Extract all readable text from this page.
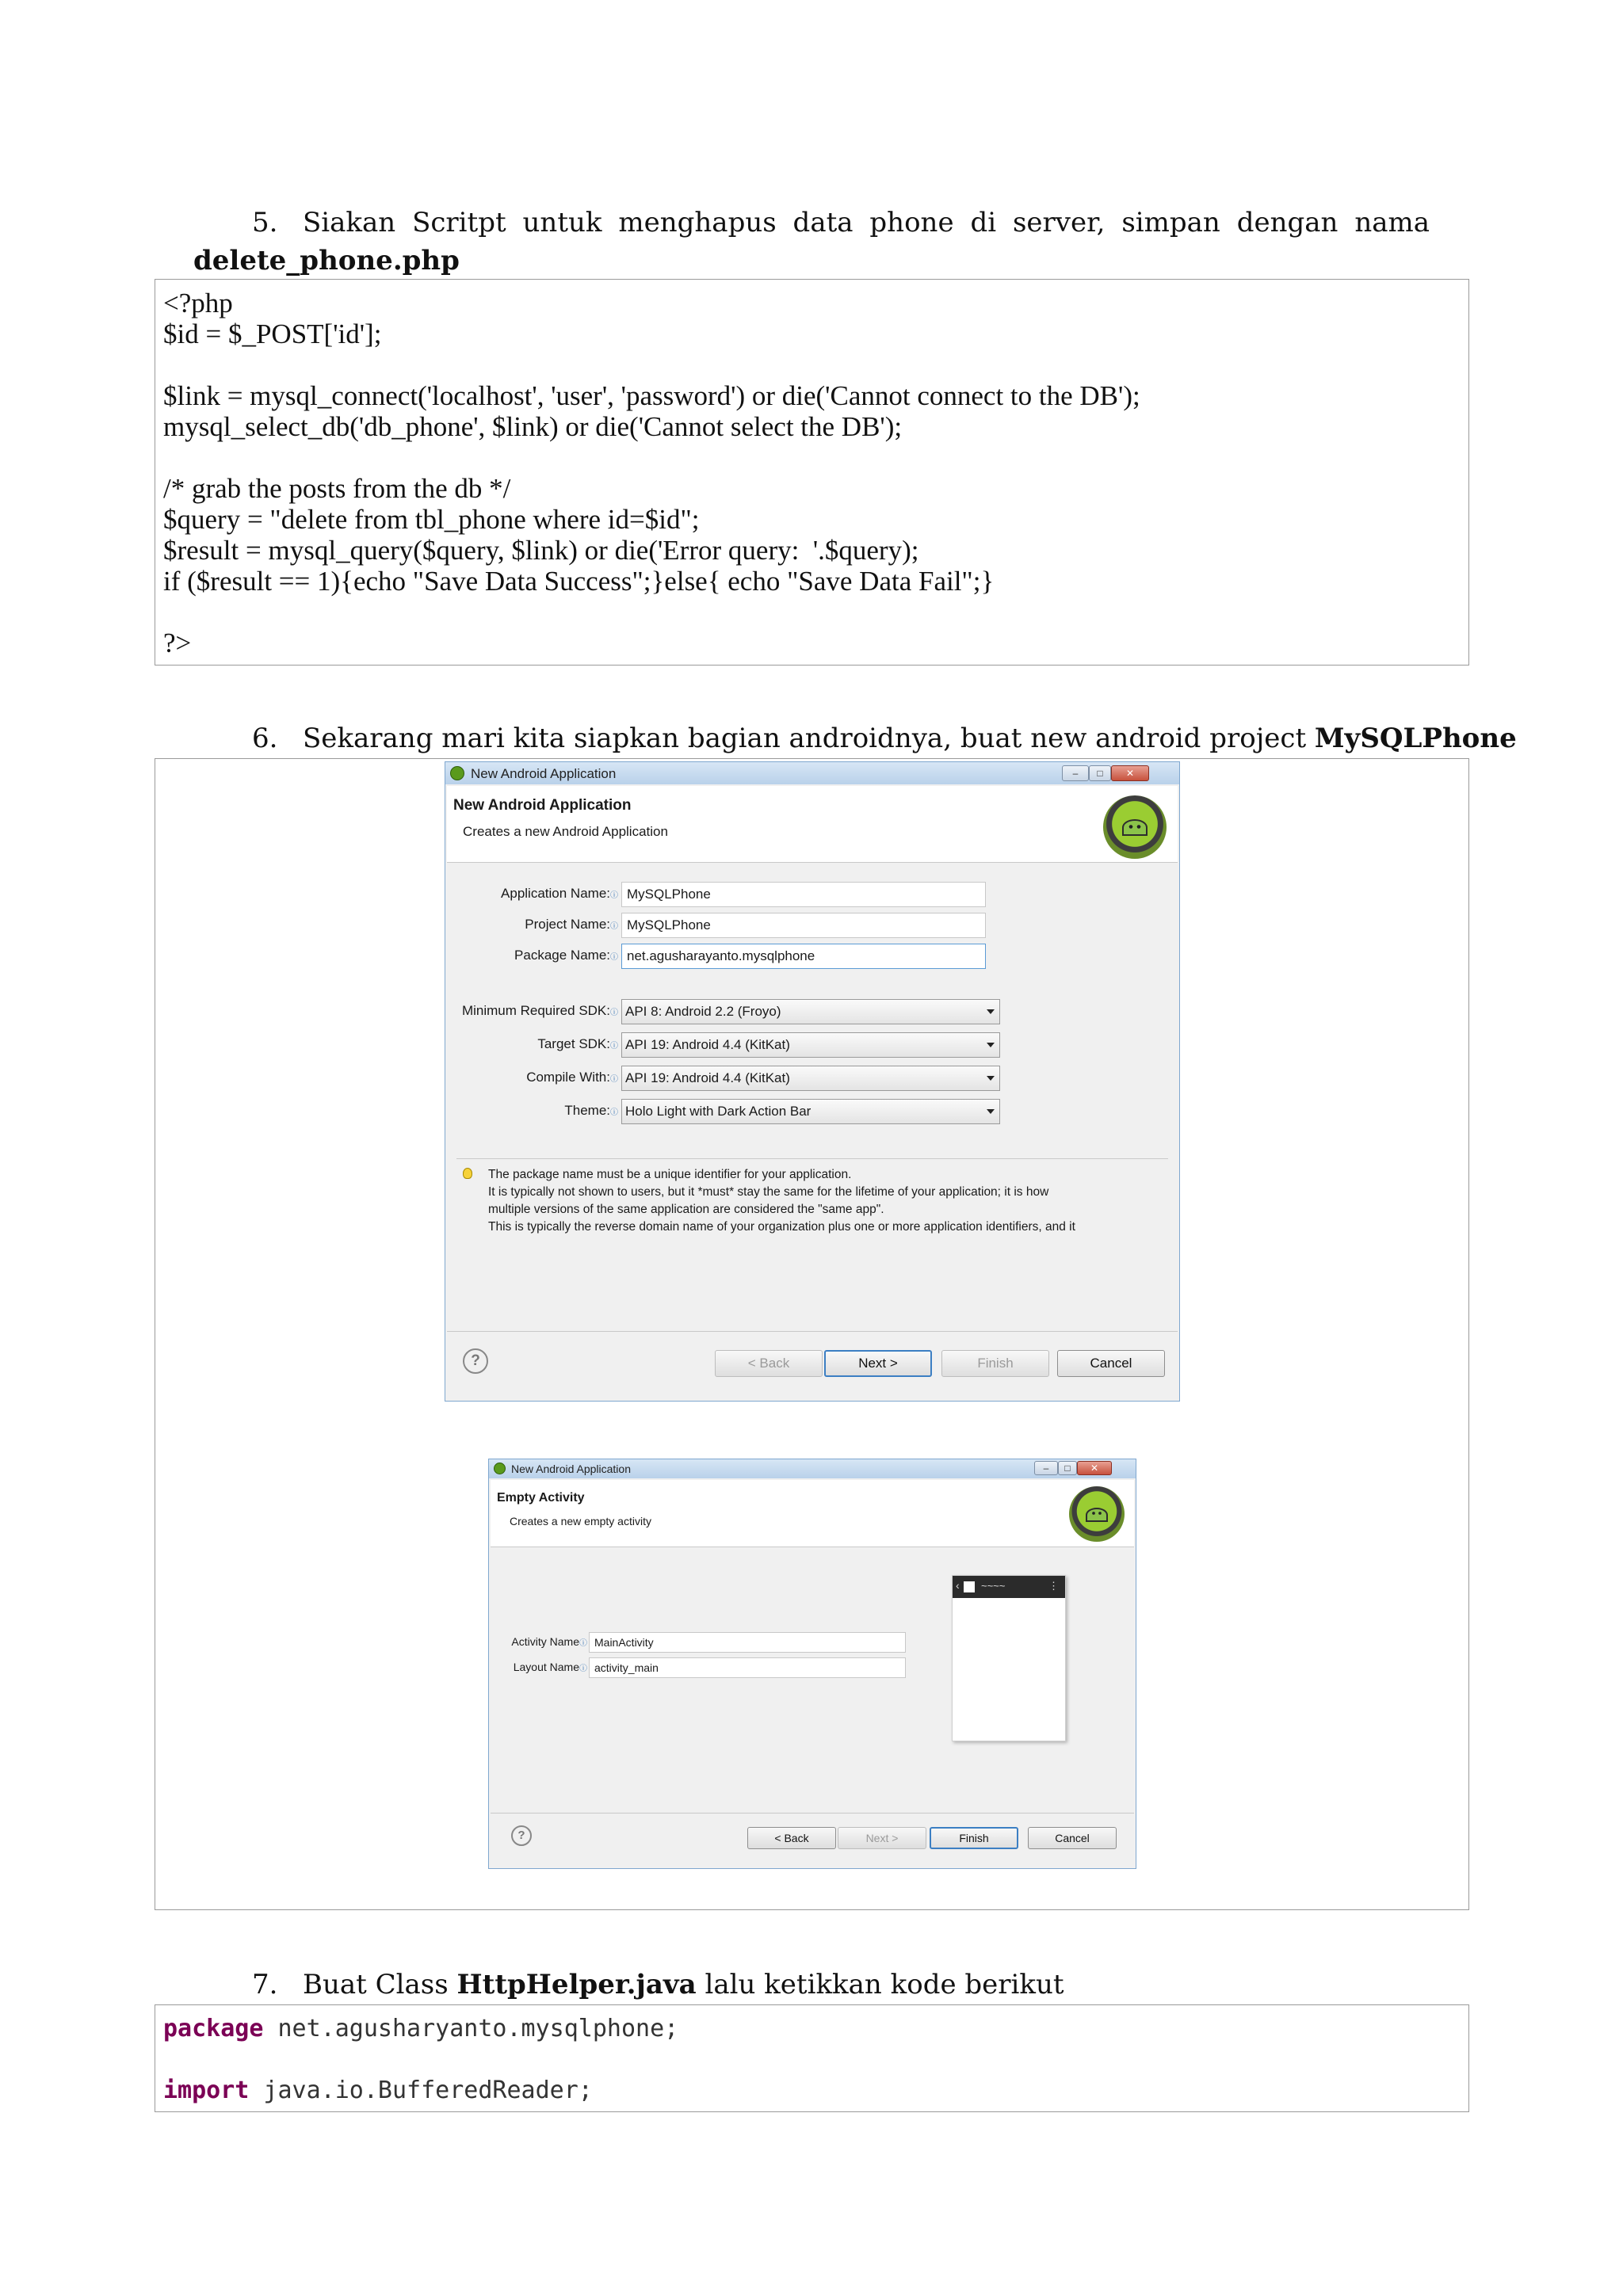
5. Siakan Scritpt untuk menghapus data phone di server, simpan dengan nama
delete_phone.php
<?php
$id = $_POST['id'];

$link = mysql_connect('localhost', 'user', 'password') or die('Cannot connect to the DB');
mysql_select_db('db_phone', $link) or die('Cannot select the DB');

/* grab the posts from the db */
$query = "delete from tbl_phone where id=$id";
$result = mysql_query($query, $link) or die('Error query:  '.$query);
if ($result == 1){echo "Save Data Success";}else{ echo "Save Data Fail";}

?>
6. Sekarang mari kita siapkan bagian androidnya, buat new android project MySQLPhone
New Android Application	–	□	✕
New Android Application
Creates a new Android Application
Application Name:ⓘ MySQLPhone
Project Name:ⓘ MySQLPhone
Package Name:ⓘ net.agusharayanto.mysqlphone
Minimum Required SDK:ⓘ API 8: Android 2.2 (Froyo)
Target SDK:ⓘ API 19: Android 4.4 (KitKat)
Compile With:ⓘ API 19: Android 4.4 (KitKat)
Theme:ⓘ Holo Light with Dark Action Bar
The package name must be a unique identifier for your application.
It is typically not shown to users, but it *must* stay the same for the lifetime of your application; it is how
multiple versions of the same application are considered the "same app".
This is typically the reverse domain name of your organization plus one or more application identifiers, and it
?	< Back	Next >	Finish	Cancel
New Android Application	–	□	✕
Empty Activity
Creates a new empty activity
‹ ~~~~	⋮
Activity Nameⓘ MainActivity
Layout Nameⓘ activity_main
?	< Back	Next >	Finish	Cancel
7. Buat Class HttpHelper.java lalu ketikkan kode berikut
package net.agusharyanto.mysqlphone;

import java.io.BufferedReader;
